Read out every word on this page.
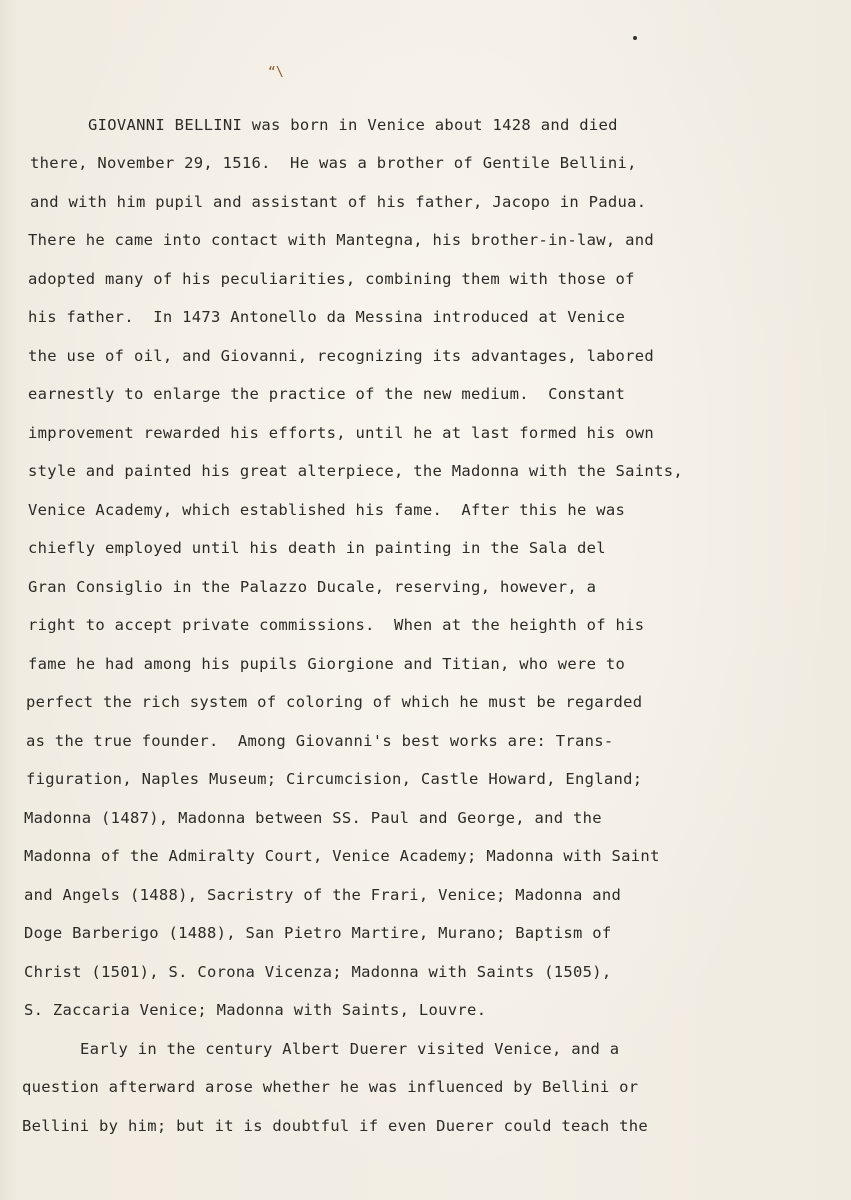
“\
GIOVANNI BELLINI was born in Venice about 1428 and died
there, November 29, 1516.  He was a brother of Gentile Bellini,
and with him pupil and assistant of his father, Jacopo in Padua.
There he came into contact with Mantegna, his brother-in-law, and
adopted many of his peculiarities, combining them with those of
his father.  In 1473 Antonello da Messina introduced at Venice
the use of oil, and Giovanni, recognizing its advantages, labored
earnestly to enlarge the practice of the new medium.  Constant
improvement rewarded his efforts, until he at last formed his own
style and painted his great alterpiece, the Madonna with the Saints,
Venice Academy, which established his fame.  After this he was
chiefly employed until his death in painting in the Sala del
Gran Consiglio in the Palazzo Ducale, reserving, however, a
right to accept private commissions.  When at the heighth of his
fame he had among his pupils Giorgione and Titian, who were to
perfect the rich system of coloring of which he must be regarded
as the true founder.  Among Giovanni's best works are: Trans-
figuration, Naples Museum; Circumcision, Castle Howard, England;
Madonna (1487), Madonna between SS. Paul and George, and the
Madonna of the Admiralty Court, Venice Academy; Madonna with Saint
and Angels (1488), Sacristry of the Frari, Venice; Madonna and
Doge Barberigo (1488), San Pietro Martire, Murano; Baptism of
Christ (1501), S. Corona Vicenza; Madonna with Saints (1505),
S. Zaccaria Venice; Madonna with Saints, Louvre.
Early in the century Albert Duerer visited Venice, and a
question afterward arose whether he was influenced by Bellini or
Bellini by him; but it is doubtful if even Duerer could teach the
